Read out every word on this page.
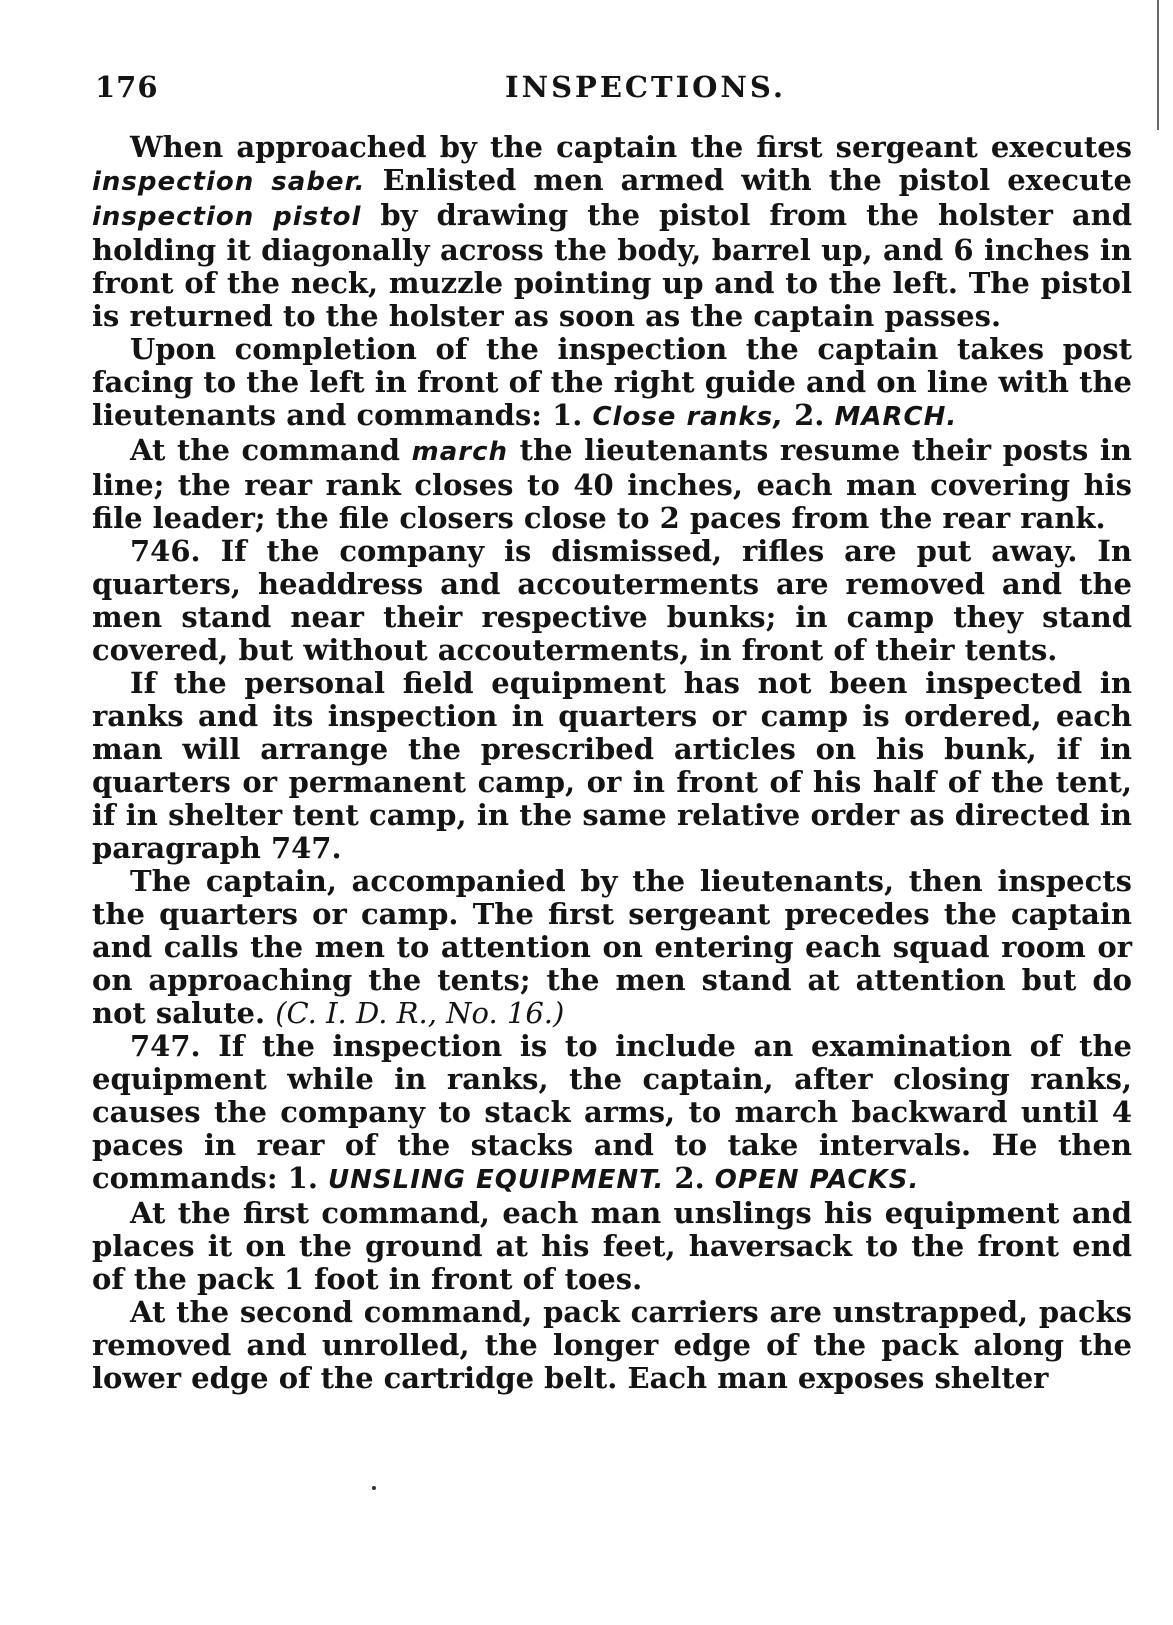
176	INSPECTIONS.

When approached by the captain the first sergeant executes inspection saber. Enlisted men armed with the pistol execute inspection pistol by drawing the pistol from the holster and holding it diagonally across the body, barrel up, and 6 inches in front of the neck, muzzle pointing up and to the left. The pistol is returned to the holster as soon as the captain passes.

Upon completion of the inspection the captain takes post facing to the left in front of the right guide and on line with the lieutenants and commands: 1. Close ranks, 2. MARCH.

At the command march the lieutenants resume their posts in line; the rear rank closes to 40 inches, each man covering his file leader; the file closers close to 2 paces from the rear rank.

746. If the company is dismissed, rifles are put away. In quarters, headdress and accouterments are removed and the men stand near their respective bunks; in camp they stand covered, but without accouterments, in front of their tents.

If the personal field equipment has not been inspected in ranks and its inspection in quarters or camp is ordered, each man will arrange the prescribed articles on his bunk, if in quarters or permanent camp, or in front of his half of the tent, if in shelter tent camp, in the same relative order as directed in paragraph 747.

The captain, accompanied by the lieutenants, then inspects the quarters or camp. The first sergeant precedes the captain and calls the men to attention on entering each squad room or on approaching the tents; the men stand at attention but do not salute. (C. I. D. R., No. 16.)

747. If the inspection is to include an examination of the equipment while in ranks, the captain, after closing ranks, causes the company to stack arms, to march backward until 4 paces in rear of the stacks and to take intervals. He then commands: 1. UNSLING EQUIPMENT. 2. OPEN PACKS.

At the first command, each man unslings his equipment and places it on the ground at his feet, haversack to the front end of the pack 1 foot in front of toes.

At the second command, pack carriers are unstrapped, packs removed and unrolled, the longer edge of the pack along the lower edge of the cartridge belt. Each man exposes shelter
